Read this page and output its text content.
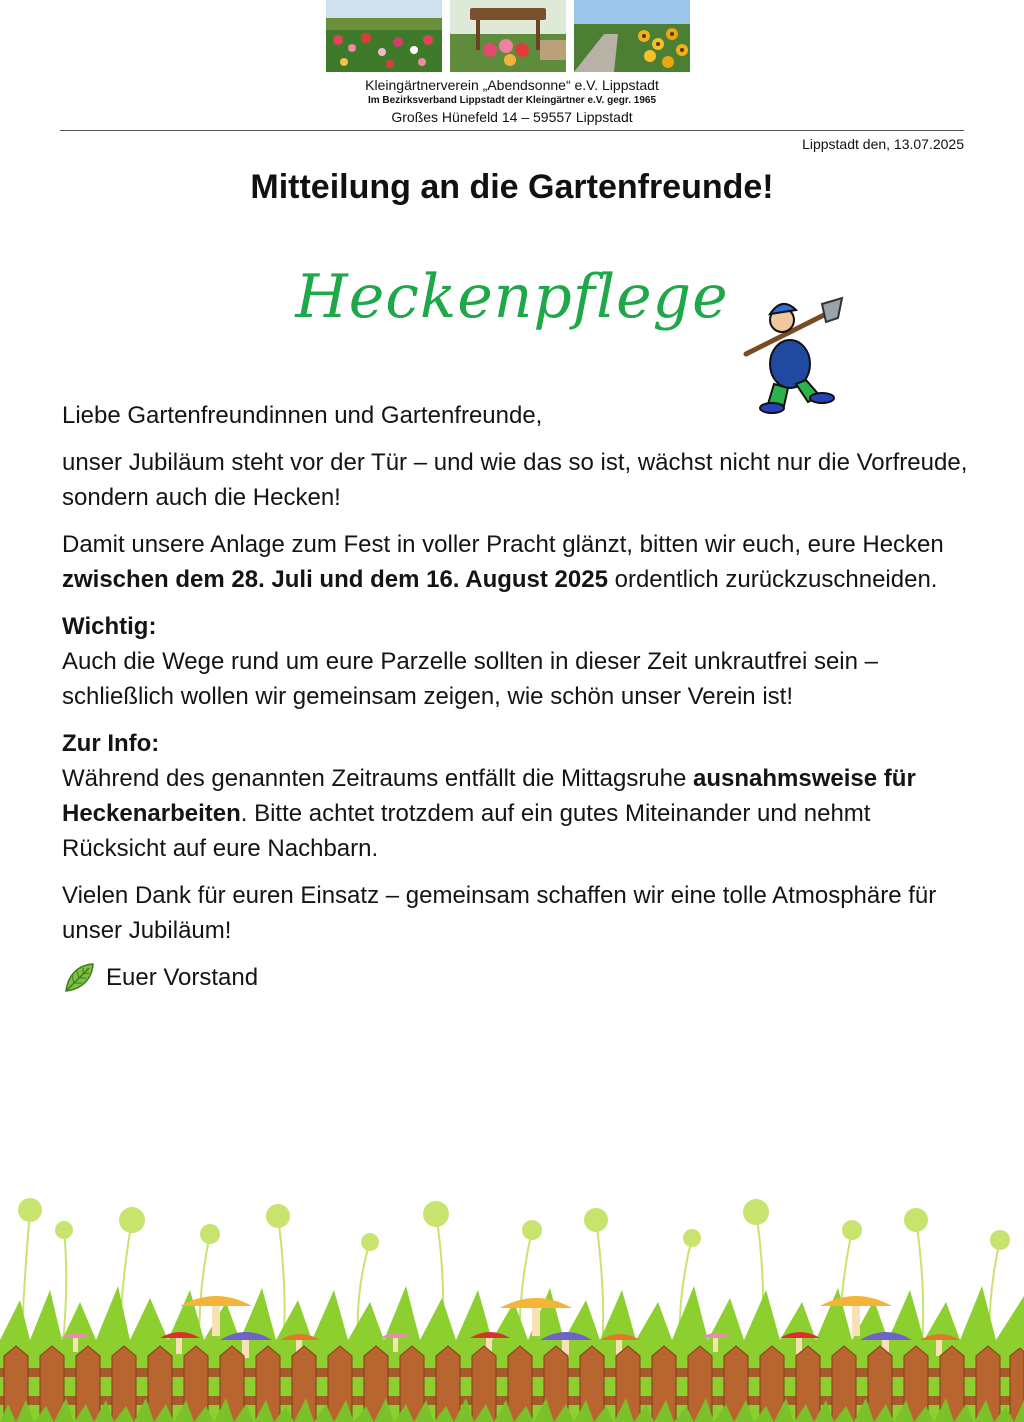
Kleingärtnerverein „Abendsonne“ e.V. Lippstadt
Im Bezirksverband Lippstadt der Kleingärtner e.V. gegr. 1965
Großes Hünefeld 14 – 59557 Lippstadt
Lippstadt den, 13.07.2025
Mitteilung an die Gartenfreunde!
Heckenpflege

Liebe Gartenfreundinnen und Gartenfreunde,

unser Jubiläum steht vor der Tür – und wie das so ist, wächst nicht nur die Vorfreude, sondern auch die Hecken!

Damit unsere Anlage zum Fest in voller Pracht glänzt, bitten wir euch, eure Hecken zwischen dem 28. Juli und dem 16. August 2025 ordentlich zurückzuschneiden.

Wichtig:

Auch die Wege rund um eure Parzelle sollten in dieser Zeit unkrautfrei sein – schließlich wollen wir gemeinsam zeigen, wie schön unser Verein ist!

Zur Info:

Während des genannten Zeitraums entfällt die Mittagsruhe ausnahmsweise für Heckenarbeiten. Bitte achtet trotzdem auf ein gutes Miteinander und nehmt Rücksicht auf eure Nachbarn.

Vielen Dank für euren Einsatz – gemeinsam schaffen wir eine tolle Atmosphäre für unser Jubiläum!

Euer Vorstand
